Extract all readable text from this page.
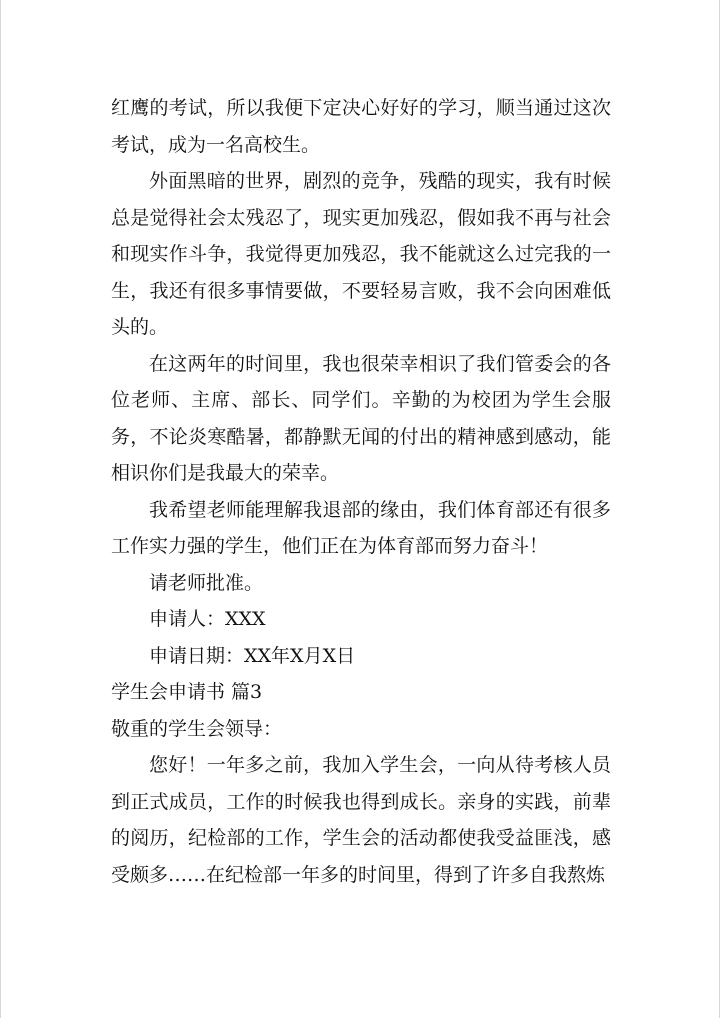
红鹰的考试，所以我便下定决心好好的学习，顺当通过这次考试，成为一名高校生。

外面黑暗的世界，剧烈的竞争，残酷的现实，我有时候总是觉得社会太残忍了，现实更加残忍，假如我不再与社会和现实作斗争，我觉得更加残忍，我不能就这么过完我的一生，我还有很多事情要做，不要轻易言败，我不会向困难低头的。

在这两年的时间里，我也很荣幸相识了我们管委会的各位老师、主席、部长、同学们。辛勤的为校团为学生会服务，不论炎寒酷暑，都静默无闻的付出的精神感到感动，能相识你们是我最大的荣幸。

我希望老师能理解我退部的缘由，我们体育部还有很多工作实力强的学生，他们正在为体育部而努力奋斗！

请老师批准。

申请人：XXX

申请日期：XX年X月X日

学生会申请书 篇3

敬重的学生会领导：

您好！一年多之前，我加入学生会，一向从待考核人员到正式成员，工作的时候我也得到成长。亲身的实践，前辈的阅历，纪检部的工作，学生会的活动都使我受益匪浅，感受颇多……在纪检部一年多的时间里，得到了许多自我熬炼
